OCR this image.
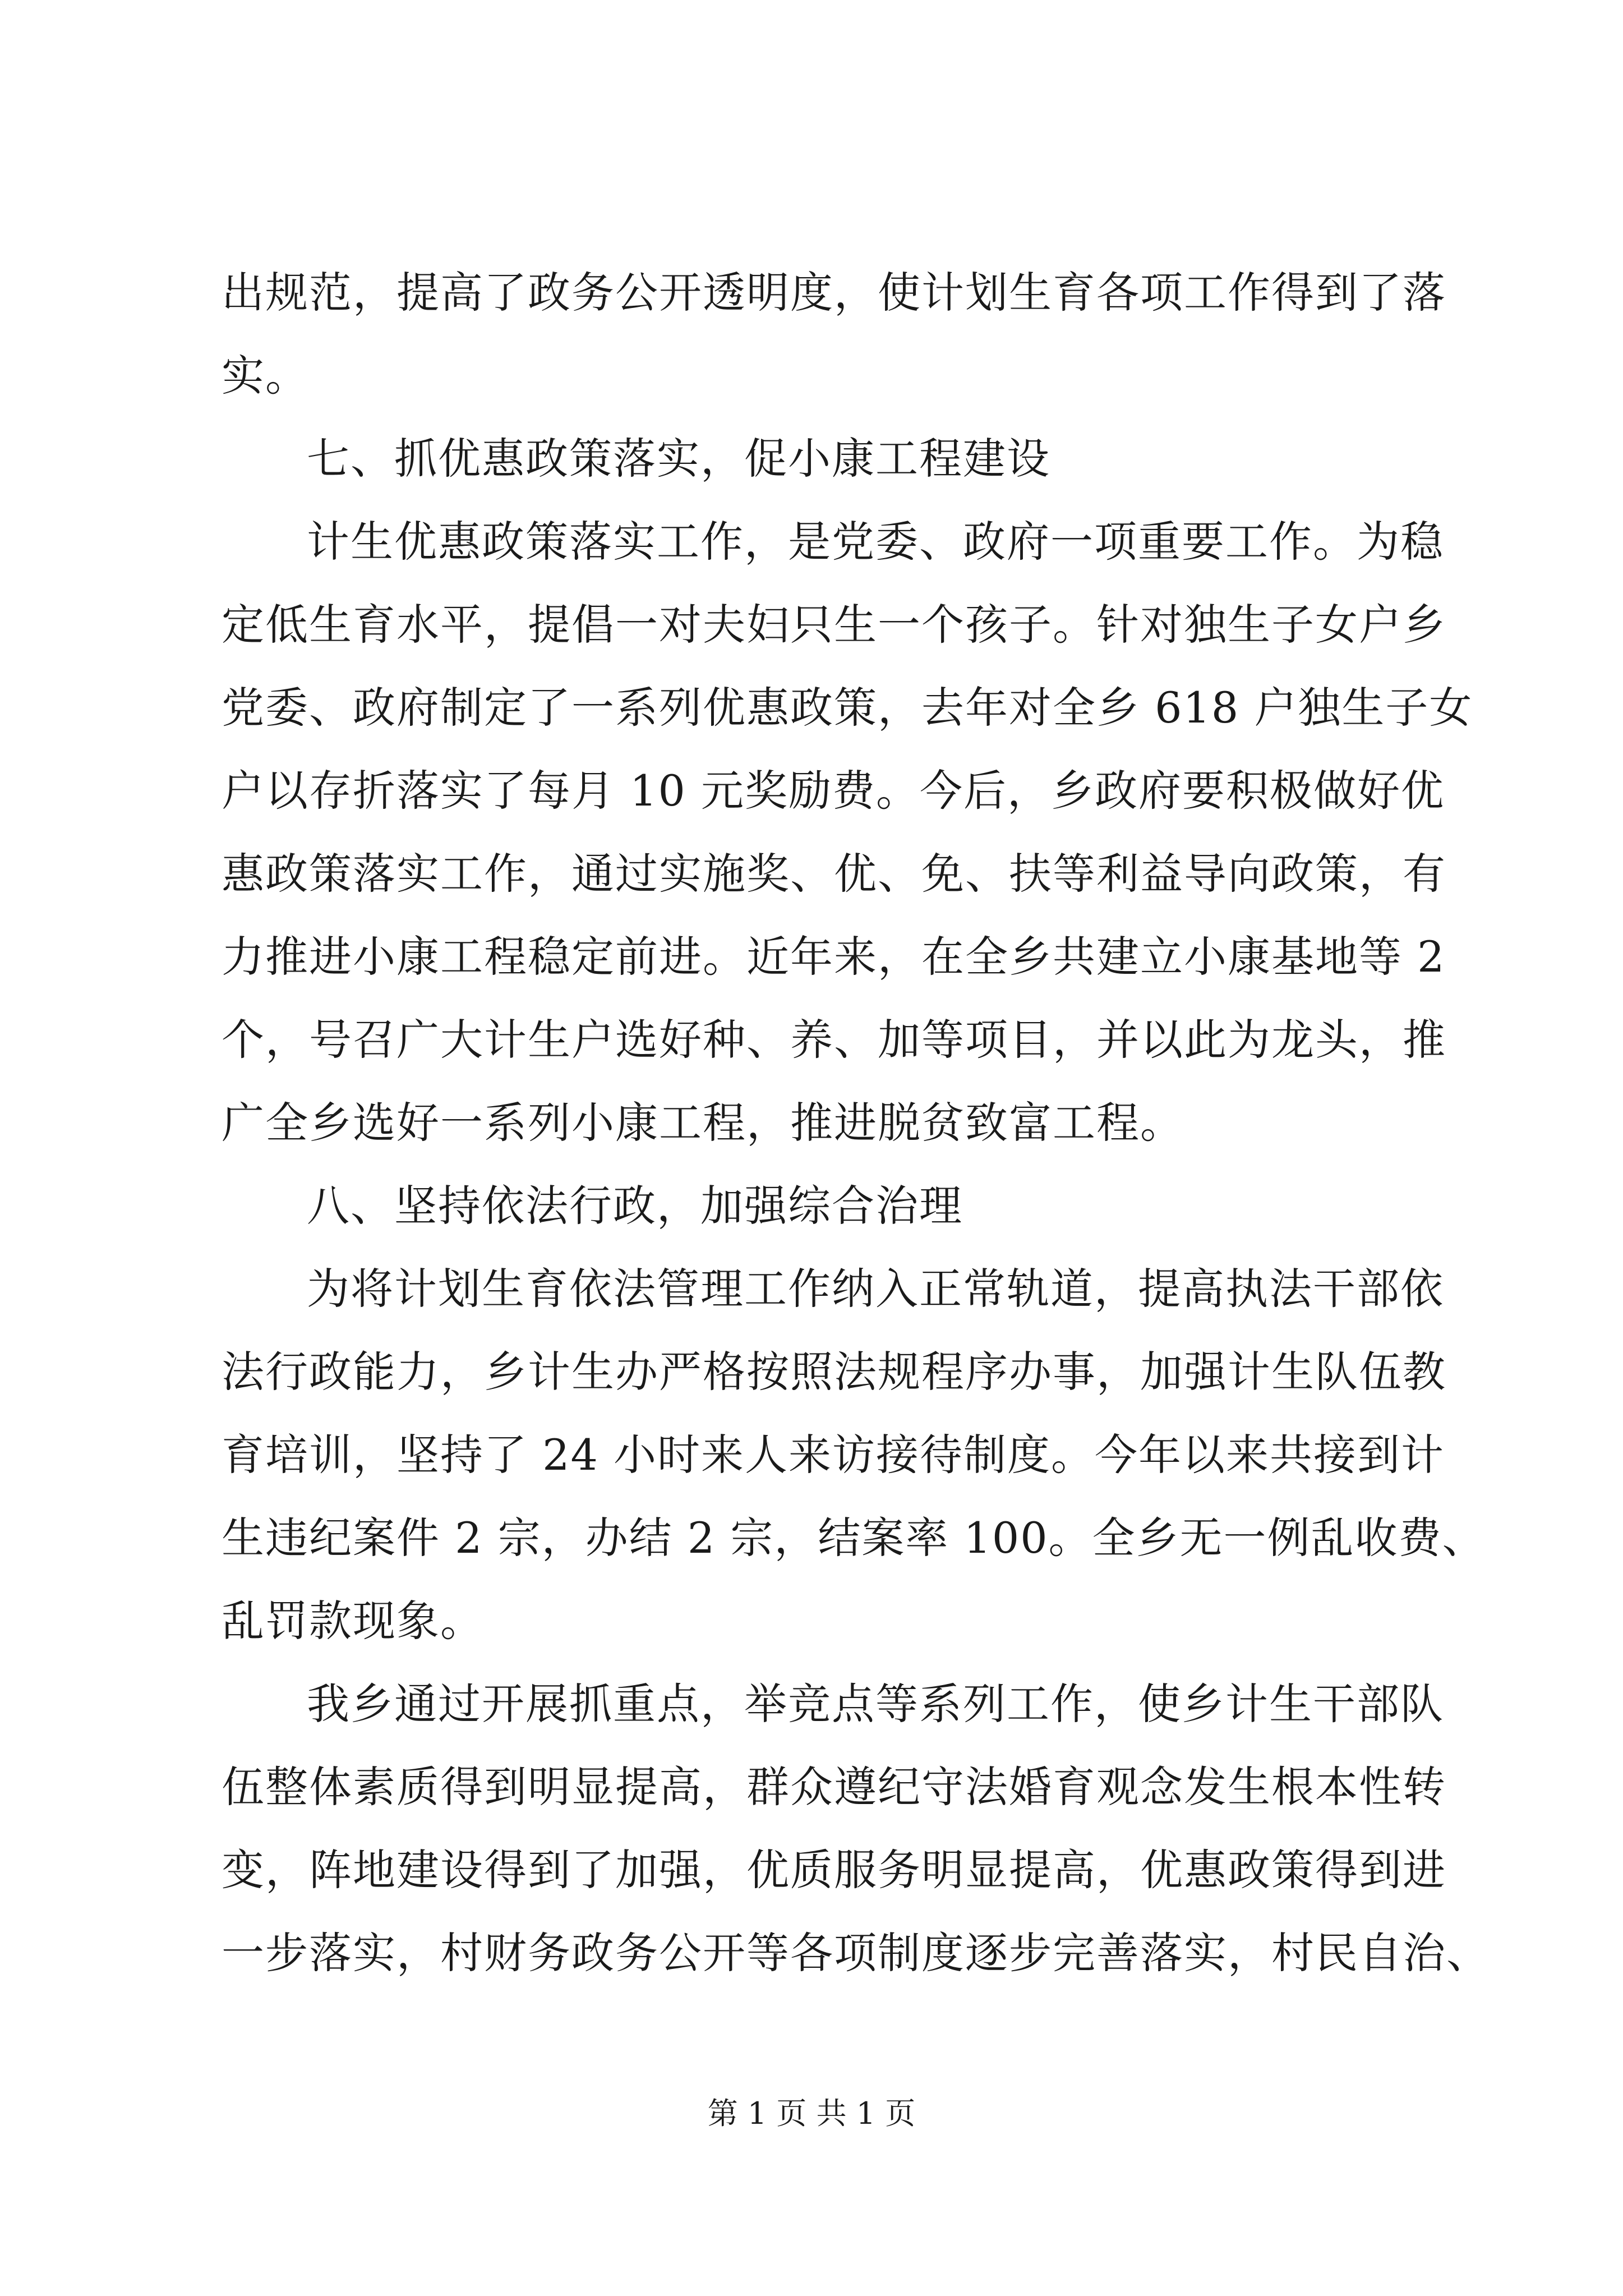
出规范，提高了政务公开透明度，使计划生育各项工作得到了落
实。
七、抓优惠政策落实，促小康工程建设
计生优惠政策落实工作，是党委、政府一项重要工作。为稳
定低生育水平，提倡一对夫妇只生一个孩子。针对独生子女户乡
党委、政府制定了一系列优惠政策，去年对全乡 618 户独生子女
户以存折落实了每月 10 元奖励费。今后，乡政府要积极做好优
惠政策落实工作，通过实施奖、优、免、扶等利益导向政策，有
力推进小康工程稳定前进。近年来，在全乡共建立小康基地等 2
个，号召广大计生户选好种、养、加等项目，并以此为龙头，推
广全乡选好一系列小康工程，推进脱贫致富工程。
八、坚持依法行政，加强综合治理
为将计划生育依法管理工作纳入正常轨道，提高执法干部依
法行政能力，乡计生办严格按照法规程序办事，加强计生队伍教
育培训，坚持了 24 小时来人来访接待制度。今年以来共接到计
生违纪案件 2 宗，办结 2 宗，结案率 100。全乡无一例乱收费、
乱罚款现象。
我乡通过开展抓重点，举竞点等系列工作，使乡计生干部队
伍整体素质得到明显提高，群众遵纪守法婚育观念发生根本性转
变，阵地建设得到了加强，优质服务明显提高，优惠政策得到进
一步落实，村财务政务公开等各项制度逐步完善落实，村民自治、
第 1 页 共 1 页
